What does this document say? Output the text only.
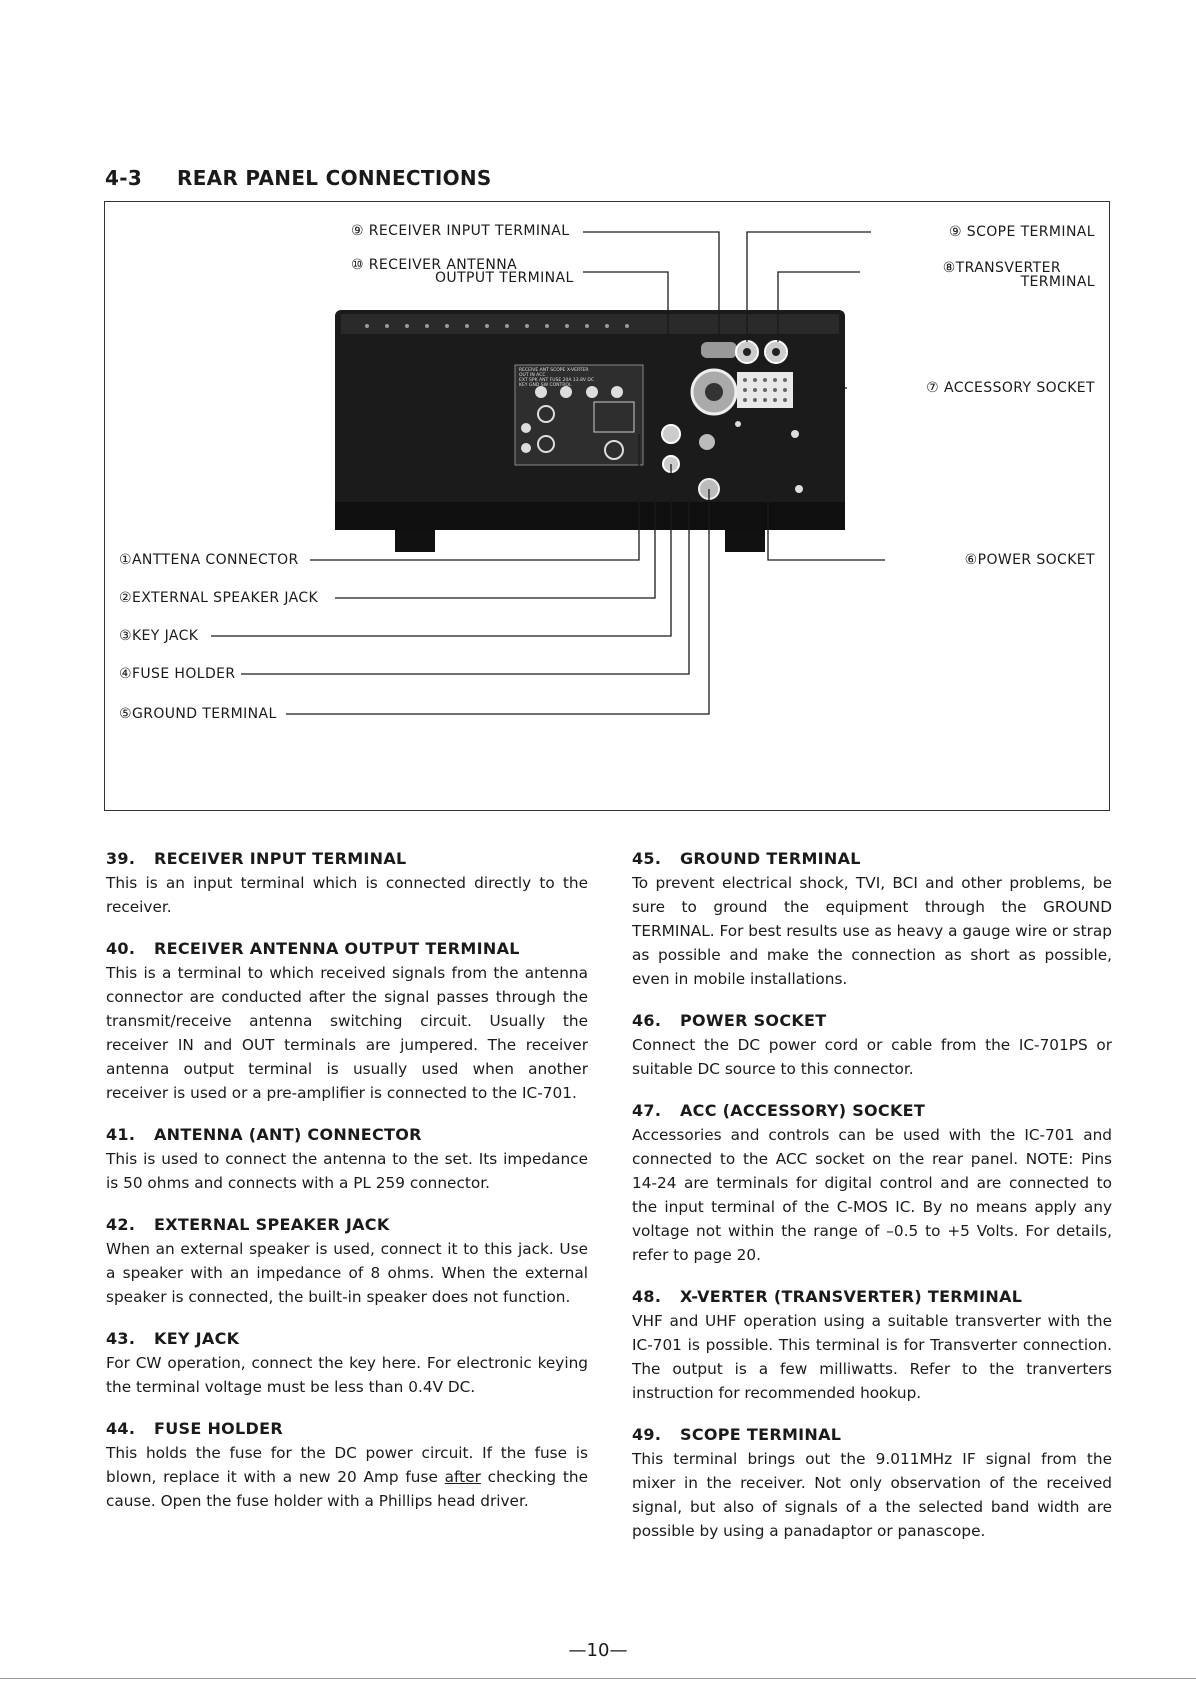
4-3 REAR PANEL CONNECTIONS
⑨ RECEIVER INPUT TERMINAL
⑩ RECEIVER ANTENNA
OUTPUT TERMINAL
⑨ SCOPE TERMINAL
⑧TRANSVERTER
TERMINAL
⑦ ACCESSORY SOCKET
①ANTTENA CONNECTOR
②EXTERNAL SPEAKER JACK
③KEY JACK
④FUSE HOLDER
⑤GROUND TERMINAL
⑥POWER SOCKET
RECEIVE ANT SCOPE X-VERTER
OUT IN ACC
EXT SPK ANT FUSE 20A 13.8V DC
KEY GND SW CONTROL
39. RECEIVER INPUT TERMINAL

This is an input terminal which is connected directly to the receiver.

40. RECEIVER ANTENNA OUTPUT TERMINAL

This is a terminal to which received signals from the antenna connector are conducted after the signal passes through the transmit/receive antenna switching circuit. Usually the receiver IN and OUT terminals are jumpered. The receiver antenna output terminal is usually used when another receiver is used or a pre-amplifier is connected to the IC-701.

41. ANTENNA (ANT) CONNECTOR

This is used to connect the antenna to the set. Its impedance is 50 ohms and connects with a PL 259 connector.

42. EXTERNAL SPEAKER JACK

When an external speaker is used, connect it to this jack. Use a speaker with an impedance of 8 ohms. When the external speaker is connected, the built-in speaker does not function.

43. KEY JACK

For CW operation, connect the key here. For electronic keying the terminal voltage must be less than 0.4V DC.

44. FUSE HOLDER

This holds the fuse for the DC power circuit. If the fuse is blown, replace it with a new 20 Amp fuse after checking the cause. Open the fuse holder with a Phillips head driver.

45. GROUND TERMINAL

To prevent electrical shock, TVI, BCI and other problems, be sure to ground the equipment through the GROUND TERMINAL. For best results use as heavy a gauge wire or strap as possible and make the connection as short as possible, even in mobile installations.

46. POWER SOCKET

Connect the DC power cord or cable from the IC-701PS or suitable DC source to this connector.

47. ACC (ACCESSORY) SOCKET

Accessories and controls can be used with the IC-701 and connected to the ACC socket on the rear panel. NOTE: Pins 14-24 are terminals for digital control and are connected to the input terminal of the C-MOS IC. By no means apply any voltage not within the range of –0.5 to +5 Volts. For details, refer to page 20.

48. X-VERTER (TRANSVERTER) TERMINAL

VHF and UHF operation using a suitable transverter with the IC-701 is possible. This terminal is for Transverter connection. The output is a few milliwatts. Refer to the tranverters instruction for recommended hookup.

49. SCOPE TERMINAL

This terminal brings out the 9.011MHz IF signal from the mixer in the receiver. Not only observation of the received signal, but also of signals of a the selected band width are possible by using a panadaptor or panascope.

—10—
